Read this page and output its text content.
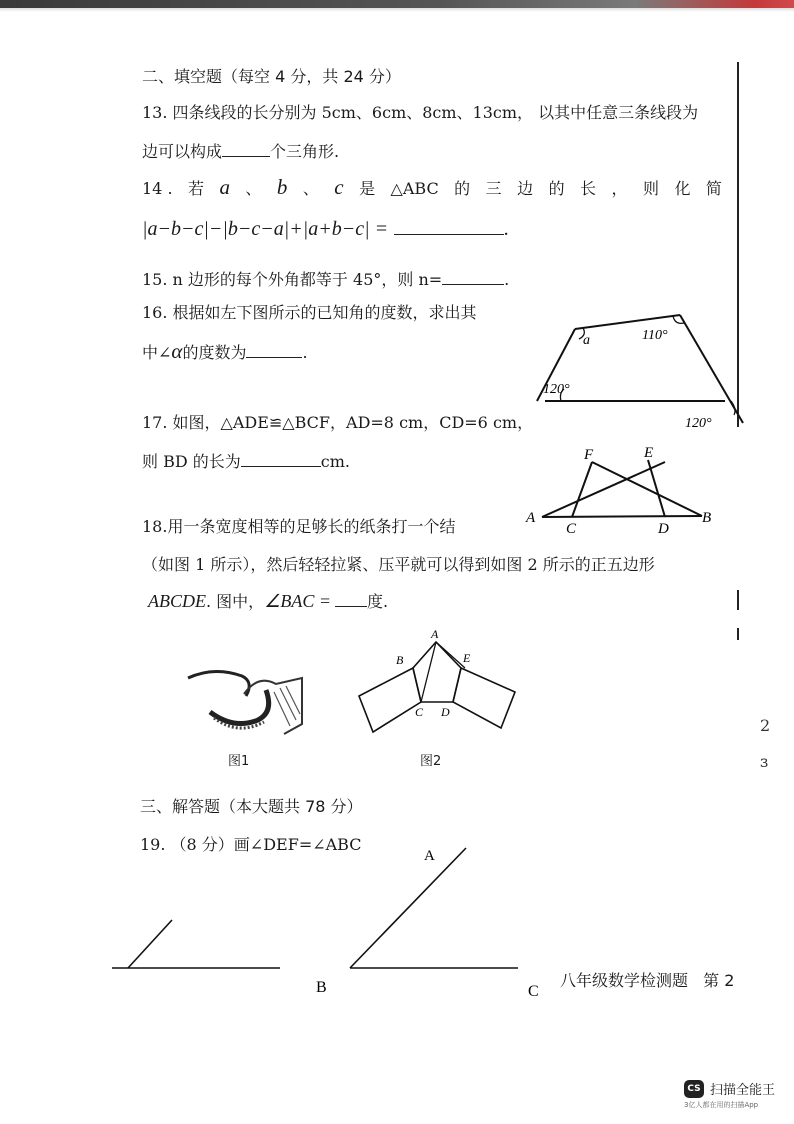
二、填空题（每空 4 分，共 24 分）
13. 四条线段的长分别为 5cm、6cm、8cm、13cm， 以其中任意三条线段为
边可以构成	个三角形.
14 . 若 a 、 b 、 c 是 △ABC 的 三 边 的 长 ， 则 化 简
|a−b−c|−|b−c−a|+|a+b−c| =	.
15. n 边形的每个外角都等于 45°，则 n=	.
16. 根据如左下图所示的已知角的度数，求出其
中∠α的度数为	.
a	110°
120°
120°
17. 如图，△ADE≌△BCF，AD=8 cm，CD=6 cm，
则 BD 的长为	cm.
A
C
F	E
D
B
18.用一条宽度相等的足够长的纸条打一个结
（如图 1 所示），然后轻轻拉紧、压平就可以得到如图 2 所示的正五边形
ABCDE. 图中，∠BAC = 度.
图1
A
B	E
C D
图2
三、解答题（本大题共 78 分）
19. （8 分）画∠DEF=∠ABC
A
B	C
八年级数学检测题 第 2
2
ɜ
CS 扫描全能王
3亿人都在用的扫描App
